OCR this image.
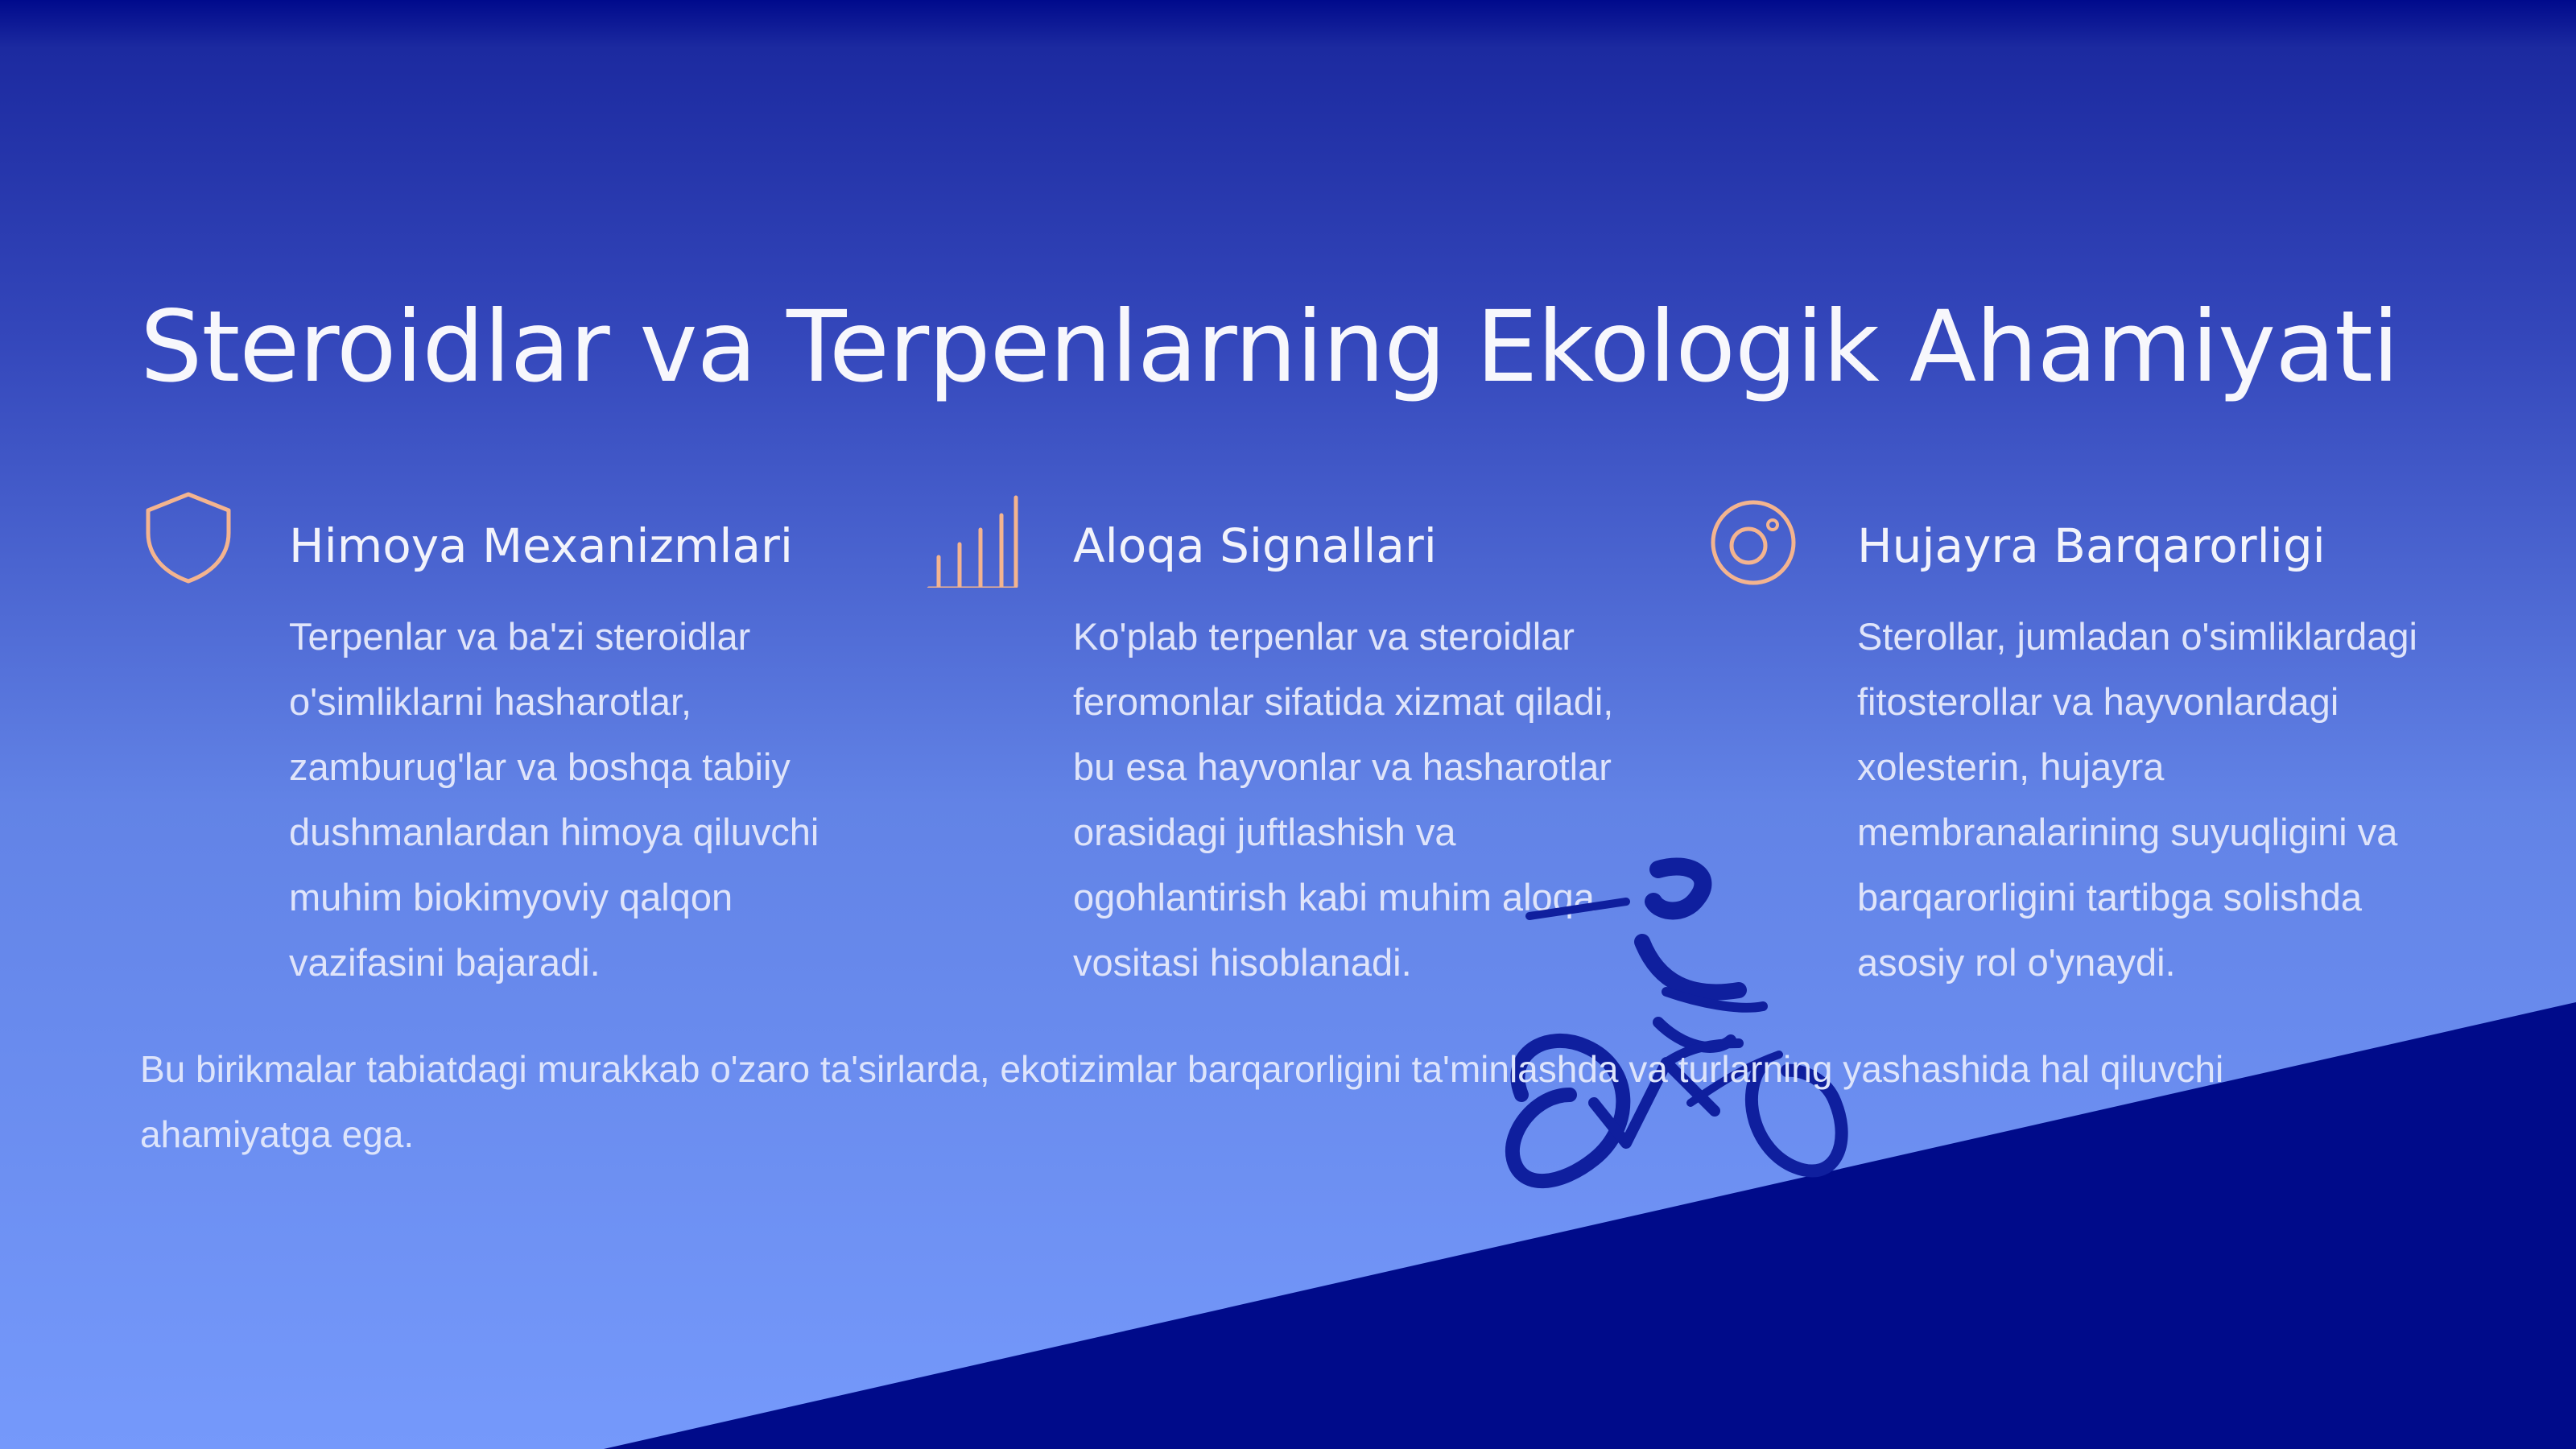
Steroidlar va Terpenlarning Ekologik Ahamiyati
Himoya Mexanizmlari

Terpenlar va ba'zi steroidlar o'simliklarni hasharotlar, zamburug'lar va boshqa tabiiy dushmanlardan himoya qiluvchi muhim biokimyoviy qalqon vazifasini bajaradi.

Aloqa Signallari

Ko'plab terpenlar va steroidlar feromonlar sifatida xizmat qiladi, bu esa hayvonlar va hasharotlar orasidagi juftlashish va ogohlantirish kabi muhim aloqa vositasi hisoblanadi.

Hujayra Barqarorligi

Sterollar, jumladan o'simliklardagi fitosterollar va hayvonlardagi xolesterin, hujayra membranalarining suyuqligini va barqarorligini tartibga solishda asosiy rol o'ynaydi.

Bu birikmalar tabiatdagi murakkab o'zaro ta'sirlarda, ekotizimlar barqarorligini ta'minlashda va turlarning yashashida hal qiluvchi ahamiyatga ega.
